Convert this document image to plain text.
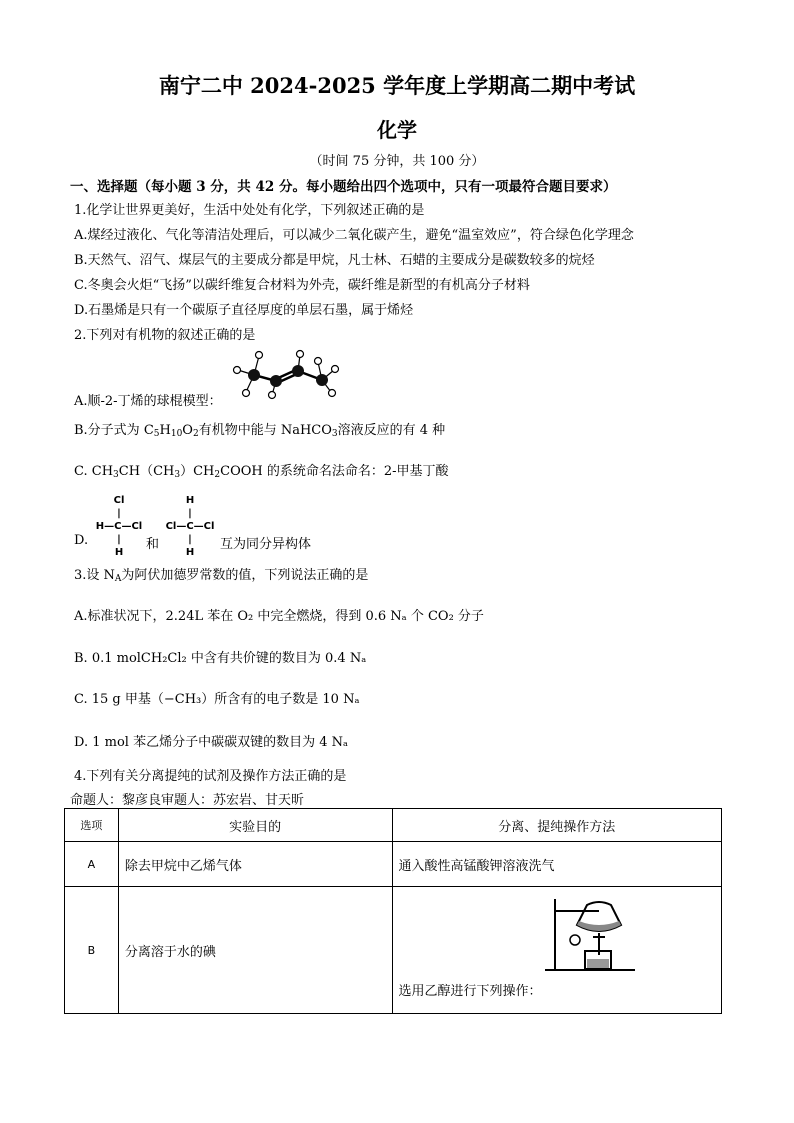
南宁二中 2024-2025 学年度上学期高二期中考试
化学
（时间 75 分钟，共 100 分）
一、选择题（每小题 3 分，共 42 分。每小题给出四个选项中，只有一项最符合题目要求）
1.化学让世界更美好，生活中处处有化学，下列叙述正确的是
A.煤经过液化、气化等清洁处理后，可以减少二氧化碳产生，避免“温室效应”，符合绿色化学理念
B.天然气、沼气、煤层气的主要成分都是甲烷，凡士林、石蜡的主要成分是碳数较多的烷烃
C.冬奥会火炬“飞扬”以碳纤维复合材料为外壳，碳纤维是新型的有机高分子材料
D.石墨烯是只有一个碳原子直径厚度的单层石墨，属于烯烃
2.下列对有机物的叙述正确的是
A.顺-2-丁烯的球棍模型：
B.分子式为 $C_5H_{10}O_2$有机物中能与 NaHCO$_3$溶液反应的有 4 种
C. $CH_3CH(CH_3)CH_2COOH$ 的系统命名法命名：2-甲基丁酸
Cl
|
H—C—Cl
|
H
H
|
Cl—C—Cl
|
H
D.	和	互为同分异构体
3.设 $N_A$为阿伏加德罗常数的值，下列说法正确的是
A.标准状况下，2.24L 苯在 O₂ 中完全燃烧，得到 0.6 Nₐ 个 CO₂ 分子
B. 0.1 molCH₂Cl₂ 中含有共价键的数目为 0.4 Nₐ
C. 15 g 甲基（−CH₃）所含有的电子数是 10 Nₐ
D. 1 mol 苯乙烯分子中碳碳双键的数目为 4 Nₐ
4.下列有关分离提纯的试剂及操作方法正确的是
命题人：黎彦良审题人：苏宏岩、甘天昕
选项	实验目的	分离、提纯操作方法
A	除去甲烷中乙烯气体	通入酸性高锰酸钾溶液洗气
B	分离溶于水的碘	选用乙醇进行下列操作：
